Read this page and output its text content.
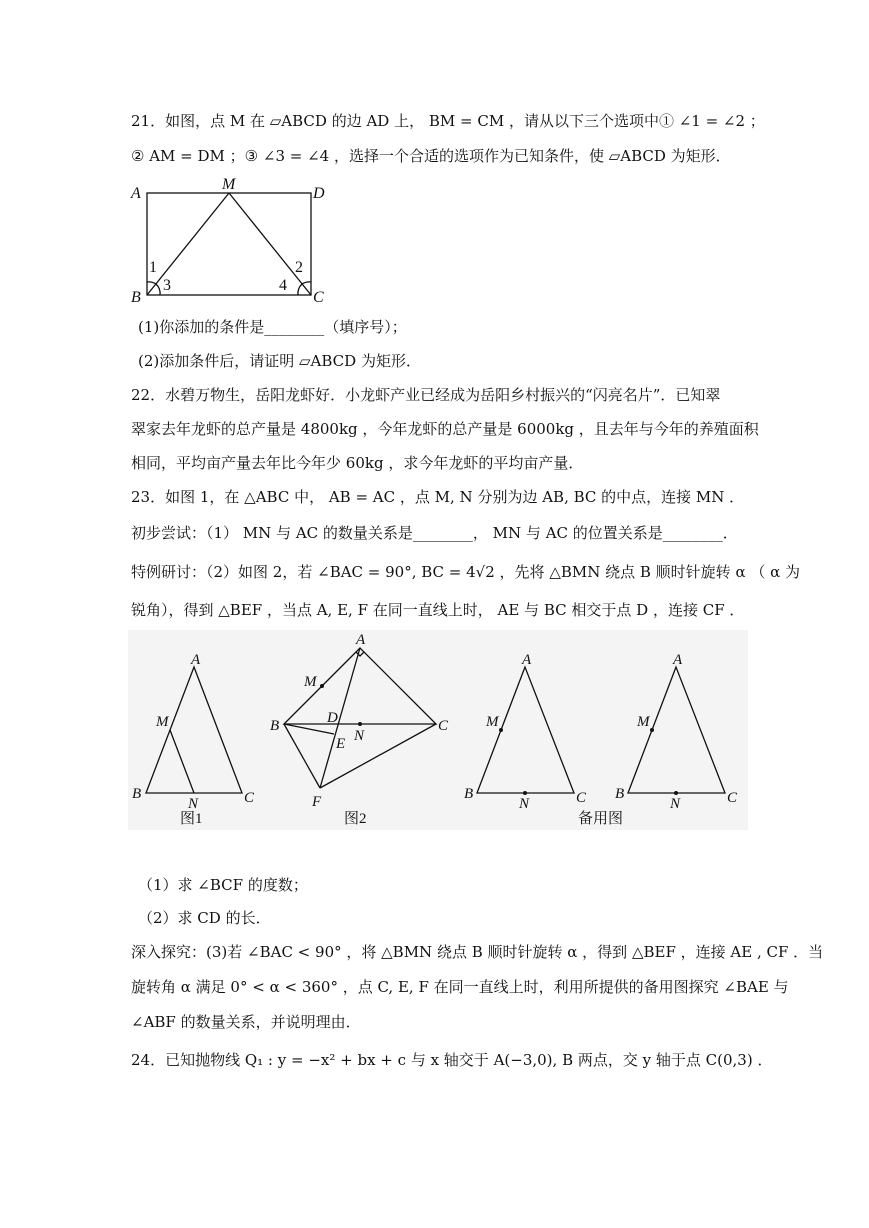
21．如图，点 M 在 ▱ABCD 的边 AD 上， BM = CM ，请从以下三个选项中① ∠1 = ∠2 ；
② AM = DM ；③ ∠3 = ∠4 ，选择一个合适的选项作为已知条件，使 ▱ABCD 为矩形．
A
M
D
B	C
1	2
3	4
(1)你添加的条件是________（填序号）；
(2)添加条件后，请证明 ▱ABCD 为矩形．
22．水碧万物生，岳阳龙虾好．小龙虾产业已经成为岳阳乡村振兴的“闪亮名片”．已知翠
翠家去年龙虾的总产量是 4800kg ，今年龙虾的总产量是 6000kg ，且去年与今年的养殖面积
相同，平均亩产量去年比今年少 60kg ，求今年龙虾的平均亩产量．
23．如图 1，在 △ABC 中， AB = AC ，点 M, N 分别为边 AB, BC 的中点，连接 MN ．
初步尝试：（1） MN 与 AC 的数量关系是________， MN 与 AC 的位置关系是________．
特例研讨：（2）如图 2，若 ∠BAC = 90°, BC = 4√2 ，先将 △BMN 绕点 B 顺时针旋转 α （ α 为
锐角），得到 △BEF ，当点 A, E, F 在同一直线上时， AE 与 BC 相交于点 D ，连接 CF ．
A
M
B
N	C
图1
A
M
B	D
N
E
C
F
图2
A
M
B
N	C
备用图
A
M
B
N	C
（1）求 ∠BCF 的度数；
（2）求 CD 的长．
深入探究：(3)若 ∠BAC < 90° ，将 △BMN 绕点 B 顺时针旋转 α ，得到 △BEF ，连接 AE , CF ．当
旋转角 α 满足 0° < α < 360° ，点 C, E, F 在同一直线上时，利用所提供的备用图探究 ∠BAE 与
∠ABF 的数量关系，并说明理由．
24．已知抛物线 Q₁ : y = −x² + bx + c 与 x 轴交于 A(−3,0), B 两点，交 y 轴于点 C(0,3) ．
